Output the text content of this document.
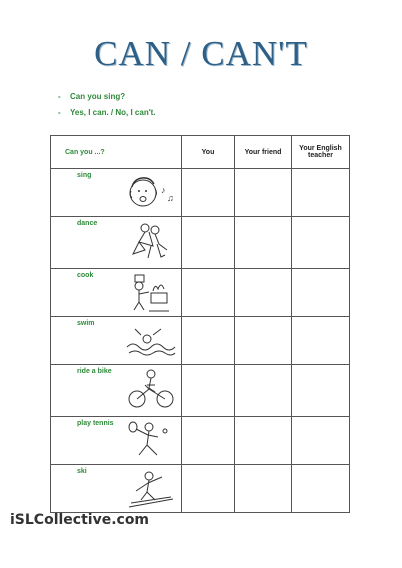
CAN / CAN'T
-	Can you sing?
-	Yes, I can. / No, I can't.
Can you ...?	You	Your friend	Your English teacher

sing
♪
♫			

dance			

cook			

swim			

ride a bike			

play tennis			

ski			

iSLCollective.com
